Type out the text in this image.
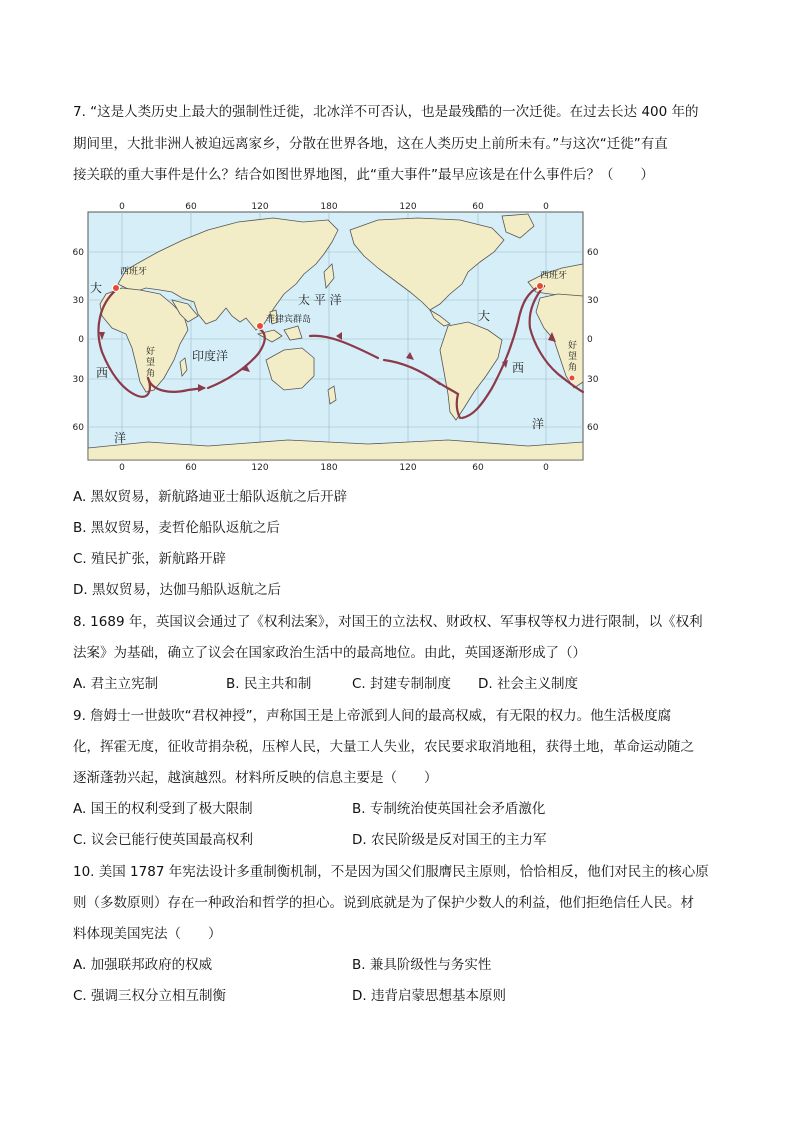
7. “这是人类历史上最大的强制性迁徙，北冰洋不可否认，也是最残酷的一次迁徙。在过去长达 400 年的
期间里，大批非洲人被迫远离家乡，分散在世界各地，这在人类历史上前所未有。”与这次“迁徙”有直
接关联的重大事件是什么？结合如图世界地图，此“重大事件”最早应该是在什么事件后？（　　）
西班牙	西班牙
菲律宾群岛
太 平 洋
印度洋
大
西
洋
大
西
洋
好望角
好望角
0	60	120	180	120	60	0
0	60	120	180	120	60	0
60
30
0
30
60
60
30
0
30
60
A. 黑奴贸易，新航路迪亚士船队返航之后开辟
B. 黑奴贸易，麦哲伦船队返航之后
C. 殖民扩张，新航路开辟
D. 黑奴贸易，达伽马船队返航之后
8. 1689 年，英国议会通过了《权利法案》，对国王的立法权、财政权、军事权等权力进行限制，以《权利
法案》为基础，确立了议会在国家政治生活中的最高地位。由此，英国逐渐形成了（）
A. 君主立宪制	B. 民主共和制	C. 封建专制制度 D. 社会主义制度
9. 詹姆士一世鼓吹“君权神授”，声称国王是上帝派到人间的最高权威，有无限的权力。他生活极度腐
化，挥霍无度，征收苛捐杂税，压榨人民，大量工人失业，农民要求取消地租，获得土地，革命运动随之
逐渐蓬勃兴起，越演越烈。材料所反映的信息主要是（　　）
A. 国王的权利受到了极大限制	B. 专制统治使英国社会矛盾激化
C. 议会已能行使英国最高权利	D. 农民阶级是反对国王的主力军
10. 美国 1787 年宪法设计多重制衡机制，不是因为国父们服膺民主原则，恰恰相反，他们对民主的核心原
则（多数原则）存在一种政治和哲学的担心。说到底就是为了保护少数人的利益，他们拒绝信任人民。材
料体现美国宪法（　　）
A. 加强联邦政府的权威	B. 兼具阶级性与务实性
C. 强调三权分立相互制衡	D. 违背启蒙思想基本原则
